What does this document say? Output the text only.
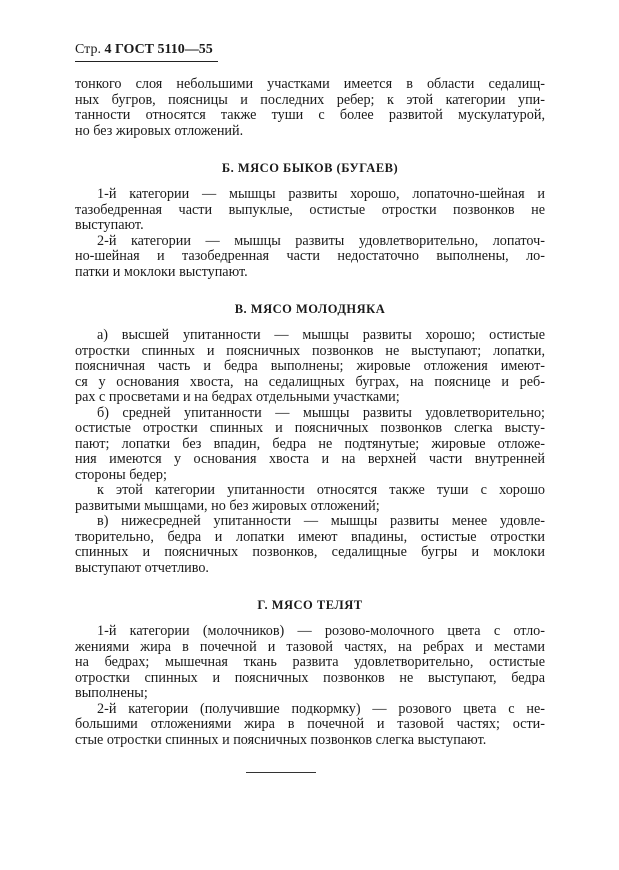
Стр. 4 ГОСТ 5110—55
тонкого слоя небольшими участками имеется в области седалищ-
ных бугров, поясницы и последних ребер; к этой категории упи-
танности относятся также туши с более развитой мускулатурой,
но без жировых отложений.
Б. МЯСО БЫКОВ (БУГАЕВ)
1-й категории — мышцы развиты хорошо, лопаточно-шейная и
тазобедренная части выпуклые, остистые отростки позвонков не
выступают.
2-й категории — мышцы развиты удовлетворительно, лопаточ-
но-шейная и тазобедренная части недостаточно выполнены, ло-
патки и моклоки выступают.
В. МЯСО МОЛОДНЯКА
а) высшей упитанности — мышцы развиты хорошо; остистые
отростки спинных и поясничных позвонков не выступают; лопатки,
поясничная часть и бедра выполнены; жировые отложения имеют-
ся у основания хвоста, на седалищных буграх, на пояснице и реб-
рах с просветами и на бедрах отдельными участками;
б) средней упитанности — мышцы развиты удовлетворительно;
остистые отростки спинных и поясничных позвонков слегка высту-
пают; лопатки без впадин, бедра не подтянутые; жировые отложе-
ния имеются у основания хвоста и на верхней части внутренней
стороны бедер;
к этой категории упитанности относятся также туши с хорошо
развитыми мышцами, но без жировых отложений;
в) нижесредней упитанности — мышцы развиты менее удовле-
творительно, бедра и лопатки имеют впадины, остистые отростки
спинных и поясничных позвонков, седалищные бугры и моклоки
выступают отчетливо.
Г. МЯСО ТЕЛЯТ
1-й категории (молочников) — розово-молочного цвета с отло-
жениями жира в почечной и тазовой частях, на ребрах и местами
на бедрах; мышечная ткань развита удовлетворительно, остистые
отростки спинных и поясничных позвонков не выступают, бедра
выполнены;
2-й категории (получившие подкормку) — розового цвета с не-
большими отложениями жира в почечной и тазовой частях; ости-
стые отростки спинных и поясничных позвонков слегка выступают.
